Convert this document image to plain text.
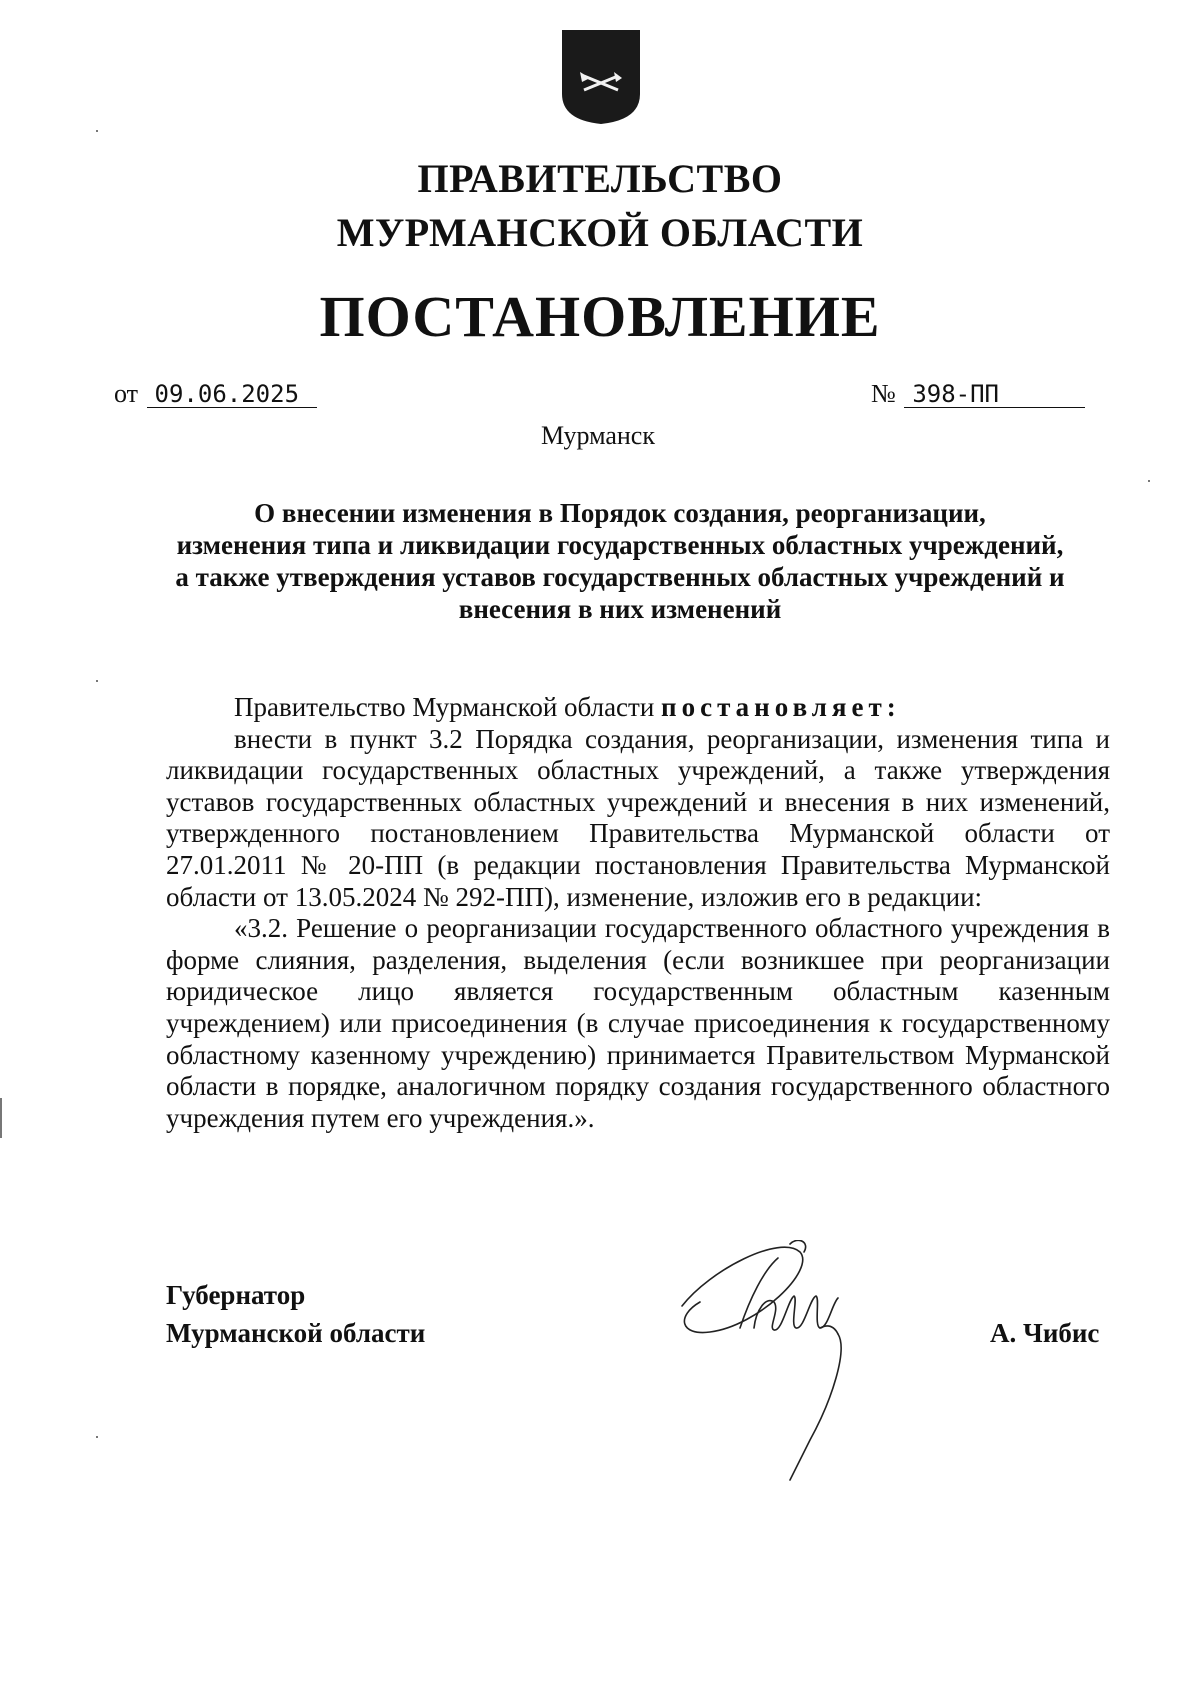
ПРАВИТЕЛЬСТВО
МУРМАНСКОЙ ОБЛАСТИ
ПОСТАНОВЛЕНИЕ
от 09.06.2025	№ 398-ПП
Мурманск
О внесении изменения в Порядок создания, реорганизации,
изменения типа и ликвидации государственных областных учреждений,
а также утверждения уставов государственных областных учреждений и
внесения в них изменений

Правительство Мурманской области постановляет:

внести в пункт 3.2 Порядка создания, реорганизации, изменения типа и ликвидации государственных областных учреждений, а также утверждения уставов государственных областных учреждений и внесения в них изменений, утвержденного постановлением Правительства Мурманской области от 27.01.2011 № 20-ПП (в редакции постановления Правительства Мурманской области от 13.05.2024 № 292-ПП), изменение, изложив его в редакции:

«3.2. Решение о реорганизации государственного областного учреждения в форме слияния, разделения, выделения (если возникшее при реорганизации юридическое лицо является государственным областным казенным учреждением) или присоединения (в случае присоединения к государственному областному казенному учреждению) принимается Правительством Мурманской области в порядке, аналогичном порядку создания государственного областного учреждения путем его учреждения.».

Губернатор
Мурманской области	А. Чибис
